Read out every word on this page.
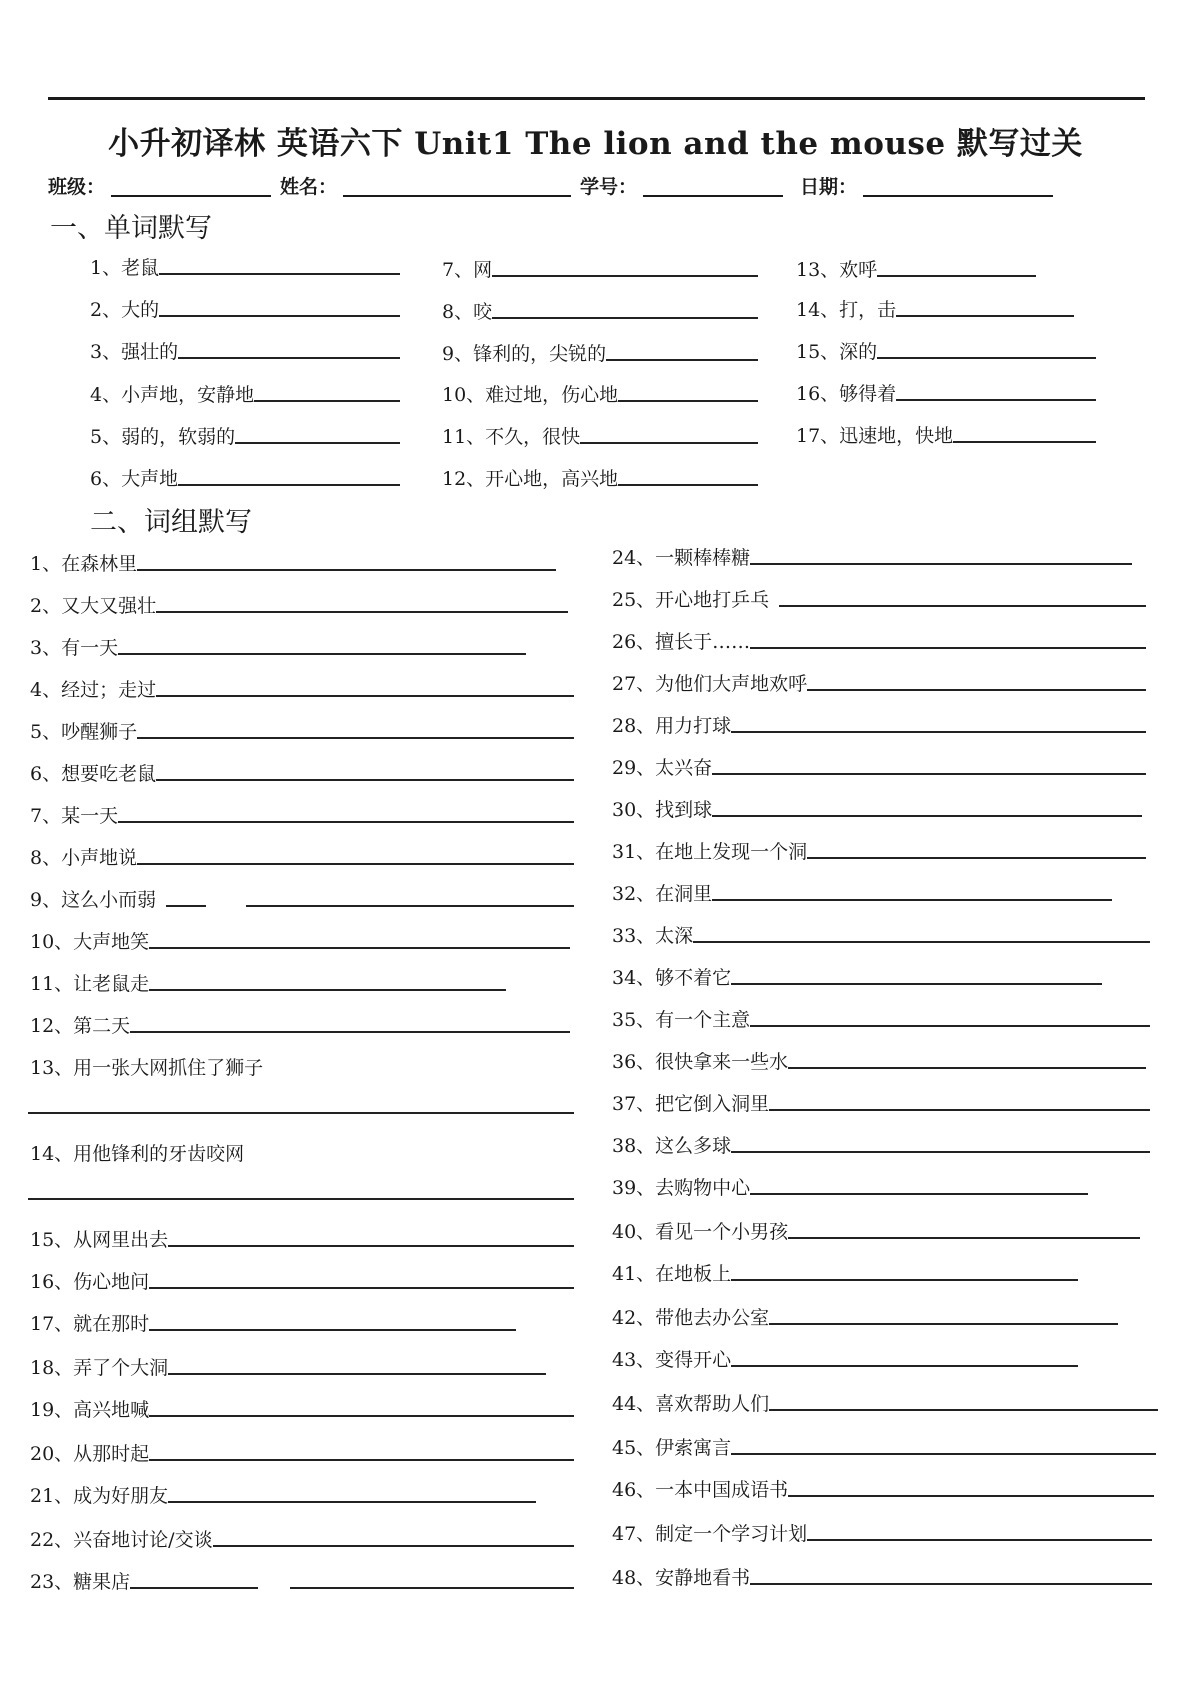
小升初译林 英语六下 Unit1 The lion and the mouse 默写过关
班级：	姓名：	学号：	日期：
一、单词默写
1、老鼠
2、大的
3、强壮的
4、小声地，安静地
5、弱的，软弱的
6、大声地
7、网
8、咬
9、锋利的，尖锐的
10、难过地，伤心地
11、不久，很快
12、开心地，高兴地
13、欢呼
14、打，击
15、深的
16、够得着
17、迅速地，快地
二、词组默写
1、在森林里
2、又大又强壮
3、有一天
4、经过；走过
5、吵醒狮子
6、想要吃老鼠
7、某一天
8、小声地说
9、这么小而弱
10、大声地笑
11、让老鼠走
12、第二天
13、用一张大网抓住了狮子
14、用他锋利的牙齿咬网
15、从网里出去
16、伤心地问
17、就在那时
18、弄了个大洞
19、高兴地喊
20、从那时起
21、成为好朋友
22、兴奋地讨论/交谈
23、糖果店
24、一颗棒棒糖
25、开心地打乒乓
26、擅长于……
27、为他们大声地欢呼
28、用力打球
29、太兴奋
30、找到球
31、在地上发现一个洞
32、在洞里
33、太深
34、够不着它
35、有一个主意
36、很快拿来一些水
37、把它倒入洞里
38、这么多球
39、去购物中心
40、看见一个小男孩
41、在地板上
42、带他去办公室
43、变得开心
44、喜欢帮助人们
45、伊索寓言
46、一本中国成语书
47、制定一个学习计划
48、安静地看书
